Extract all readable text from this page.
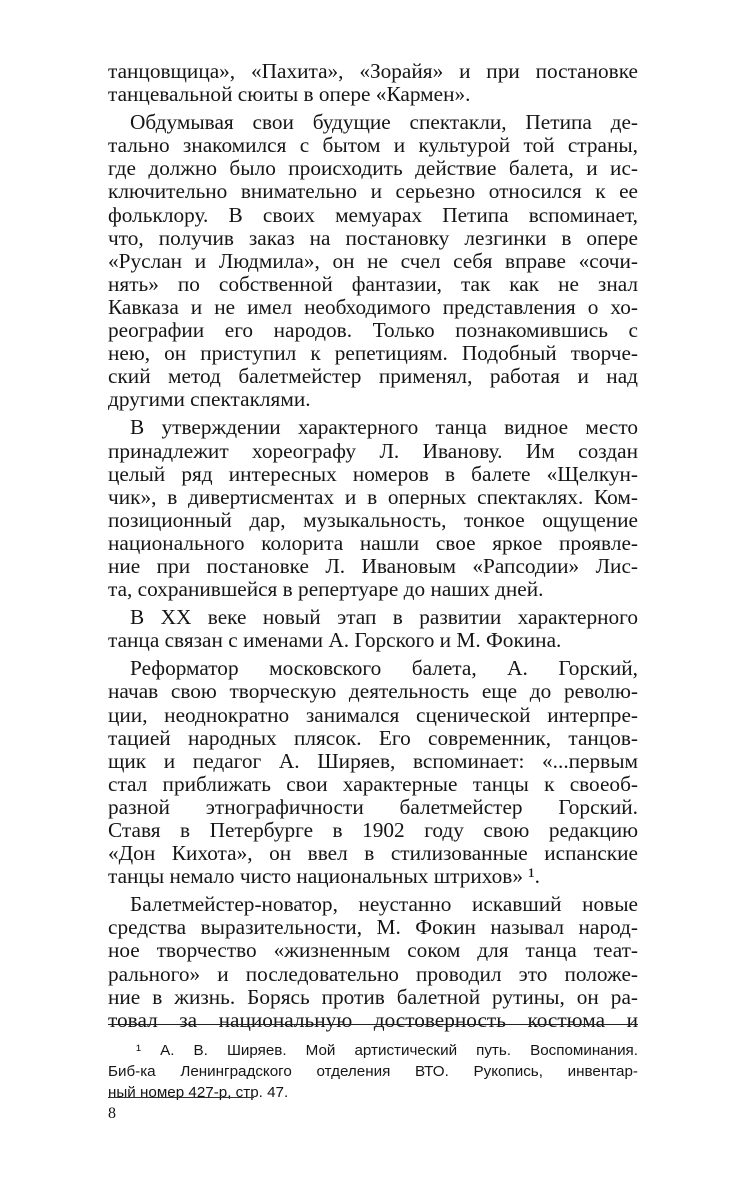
танцовщица», «Пахита», «Зорайя» и при постановке
танцевальной сюиты в опере «Кармен».
Обдумывая свои будущие спектакли, Петипа де-
тально знакомился с бытом и культурой той страны,
где должно было происходить действие балета, и ис-
ключительно внимательно и серьезно относился к ее
фольклору. В своих мемуарах Петипа вспоминает,
что, получив заказ на постановку лезгинки в опере
«Руслан и Людмила», он не счел себя вправе «сочи-
нять» по собственной фантазии, так как не знал
Кавказа и не имел необходимого представления о хо-
реографии его народов. Только познакомившись с
нею, он приступил к репетициям. Подобный творче-
ский метод балетмейстер применял, работая и над
другими спектаклями.
В утверждении характерного танца видное место
принадлежит хореографу Л. Иванову. Им создан
целый ряд интересных номеров в балете «Щелкун-
чик», в дивертисментах и в оперных спектаклях. Ком-
позиционный дар, музыкальность, тонкое ощущение
национального колорита нашли свое яркое проявле-
ние при постановке Л. Ивановым «Рапсодии» Лис-
та, сохранившейся в репертуаре до наших дней.
В XX веке новый этап в развитии характерного
танца связан с именами А. Горского и М. Фокина.
Реформатор московского балета, А. Горский,
начав свою творческую деятельность еще до револю-
ции, неоднократно занимался сценической интерпре-
тацией народных плясок. Его современник, танцов-
щик и педагог А. Ширяев, вспоминает: «...первым
стал приближать свои характерные танцы к своеоб-
разной этнографичности балетмейстер Горский.
Ставя в Петербурге в 1902 году свою редакцию
«Дон Кихота», он ввел в стилизованные испанские
танцы немало чисто национальных штрихов» ¹.
Балетмейстер-новатор, неустанно искавший новые
средства выразительности, М. Фокин называл народ-
ное творчество «жизненным соком для танца теат-
рального» и последовательно проводил это положе-
ние в жизнь. Борясь против балетной рутины, он ра-
товал за национальную достоверность костюма и
¹ А. В. Ширяев. Мой артистический путь. Воспоминания.
Биб-ка Ленинградского отделения ВТО. Рукопись, инвентар-
ный номер 427-р, стр. 47.
8
